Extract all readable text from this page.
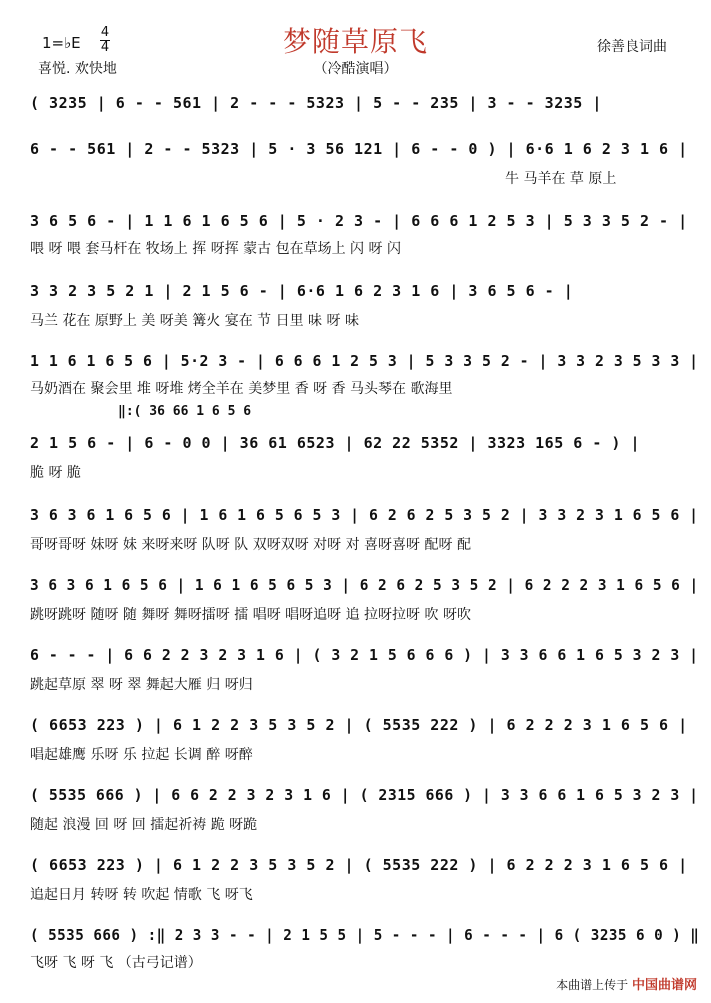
梦随草原飞
（冷酷演唱）
1=♭E
4
4
喜悦. 欢快地
徐善良词曲
( 3235 | 6 - - 561 | 2 - - - 5323 | 5 - - 235 | 3 - - 3235 |
6 - - 561 | 2 - - 5323 | 5 · 3 56 121 | 6 - - 0 ) | 6·6 1 6 2 3 1 6 |
牛 马羊在 草 原上
3 6 5 6 - | 1 1 6 1 6 5 6 | 5 · 2 3 - | 6 6 6 1 2 5 3 | 5 3 3 5 2 - |
喂 呀 喂 套马杆在 牧场上 挥 呀挥 蒙古 包在草场上 闪 呀 闪
3 3 2 3 5 2 1 | 2 1 5 6 - | 6·6 1 6 2 3 1 6 | 3 6 5 6 - |
马兰 花在 原野上 美 呀美 篝火 宴在 节 日里 味 呀 味
1 1 6 1 6 5 6 | 5·2 3 - | 6 6 6 1 2 5 3 | 5 3 3 5 2 - | 3 3 2 3 5 3 3 |
马奶酒在 聚会里 堆 呀堆 烤全羊在 美梦里 香 呀 香 马头琴在 歌海里
‖:( 36 66 1 6 5 6
2 1 5 6 - | 6 - 0 0 | 36 61 6523 | 62 22 5352 | 3323 165 6 - ) |
脆 呀 脆
3 6 3 6 1 6 5 6 | 1 6 1 6 5 6 5 3 | 6 2 6 2 5 3 5 2 | 3 3 2 3 1 6 5 6 |
哥呀哥呀 妹呀 妹 来呀来呀 队呀 队 双呀双呀 对呀 对 喜呀喜呀 配呀 配
3 6 3 6 1 6 5 6 | 1 6 1 6 5 6 5 3 | 6 2 6 2 5 3 5 2 | 6 2 2 2 3 1 6 5 6 |
跳呀跳呀 随呀 随 舞呀 舞呀擂呀 擂 唱呀 唱呀追呀 追 拉呀拉呀 吹 呀吹
6 - - - | 6 6 2 2 3 2 3 1 6 | ( 3 2 1 5 6 6 6 ) | 3 3 6 6 1 6 5 3 2 3 |
跳起草原 翠 呀 翠 舞起大雁 归 呀归
( 6653 223 ) | 6 1 2 2 3 5 3 5 2 | ( 5535 222 ) | 6 2 2 2 3 1 6 5 6 |
唱起雄鹰 乐呀 乐 拉起 长调 醉 呀醉
( 5535 666 ) | 6 6 2 2 3 2 3 1 6 | ( 2315 666 ) | 3 3 6 6 1 6 5 3 2 3 |
随起 浪漫 回 呀 回 擂起祈祷 跪 呀跪
( 6653 223 ) | 6 1 2 2 3 5 3 5 2 | ( 5535 222 ) | 6 2 2 2 3 1 6 5 6 |
追起日月 转呀 转 吹起 情歌 飞 呀飞
( 5535 666 ) :‖ 2 3 3 - - | 2 1 5 5 | 5 - - - | 6 - - - | 6 ( 3235 6 0 ) ‖
飞呀 飞 呀 飞 （古弓记谱）
本曲谱上传于 中国曲谱网
